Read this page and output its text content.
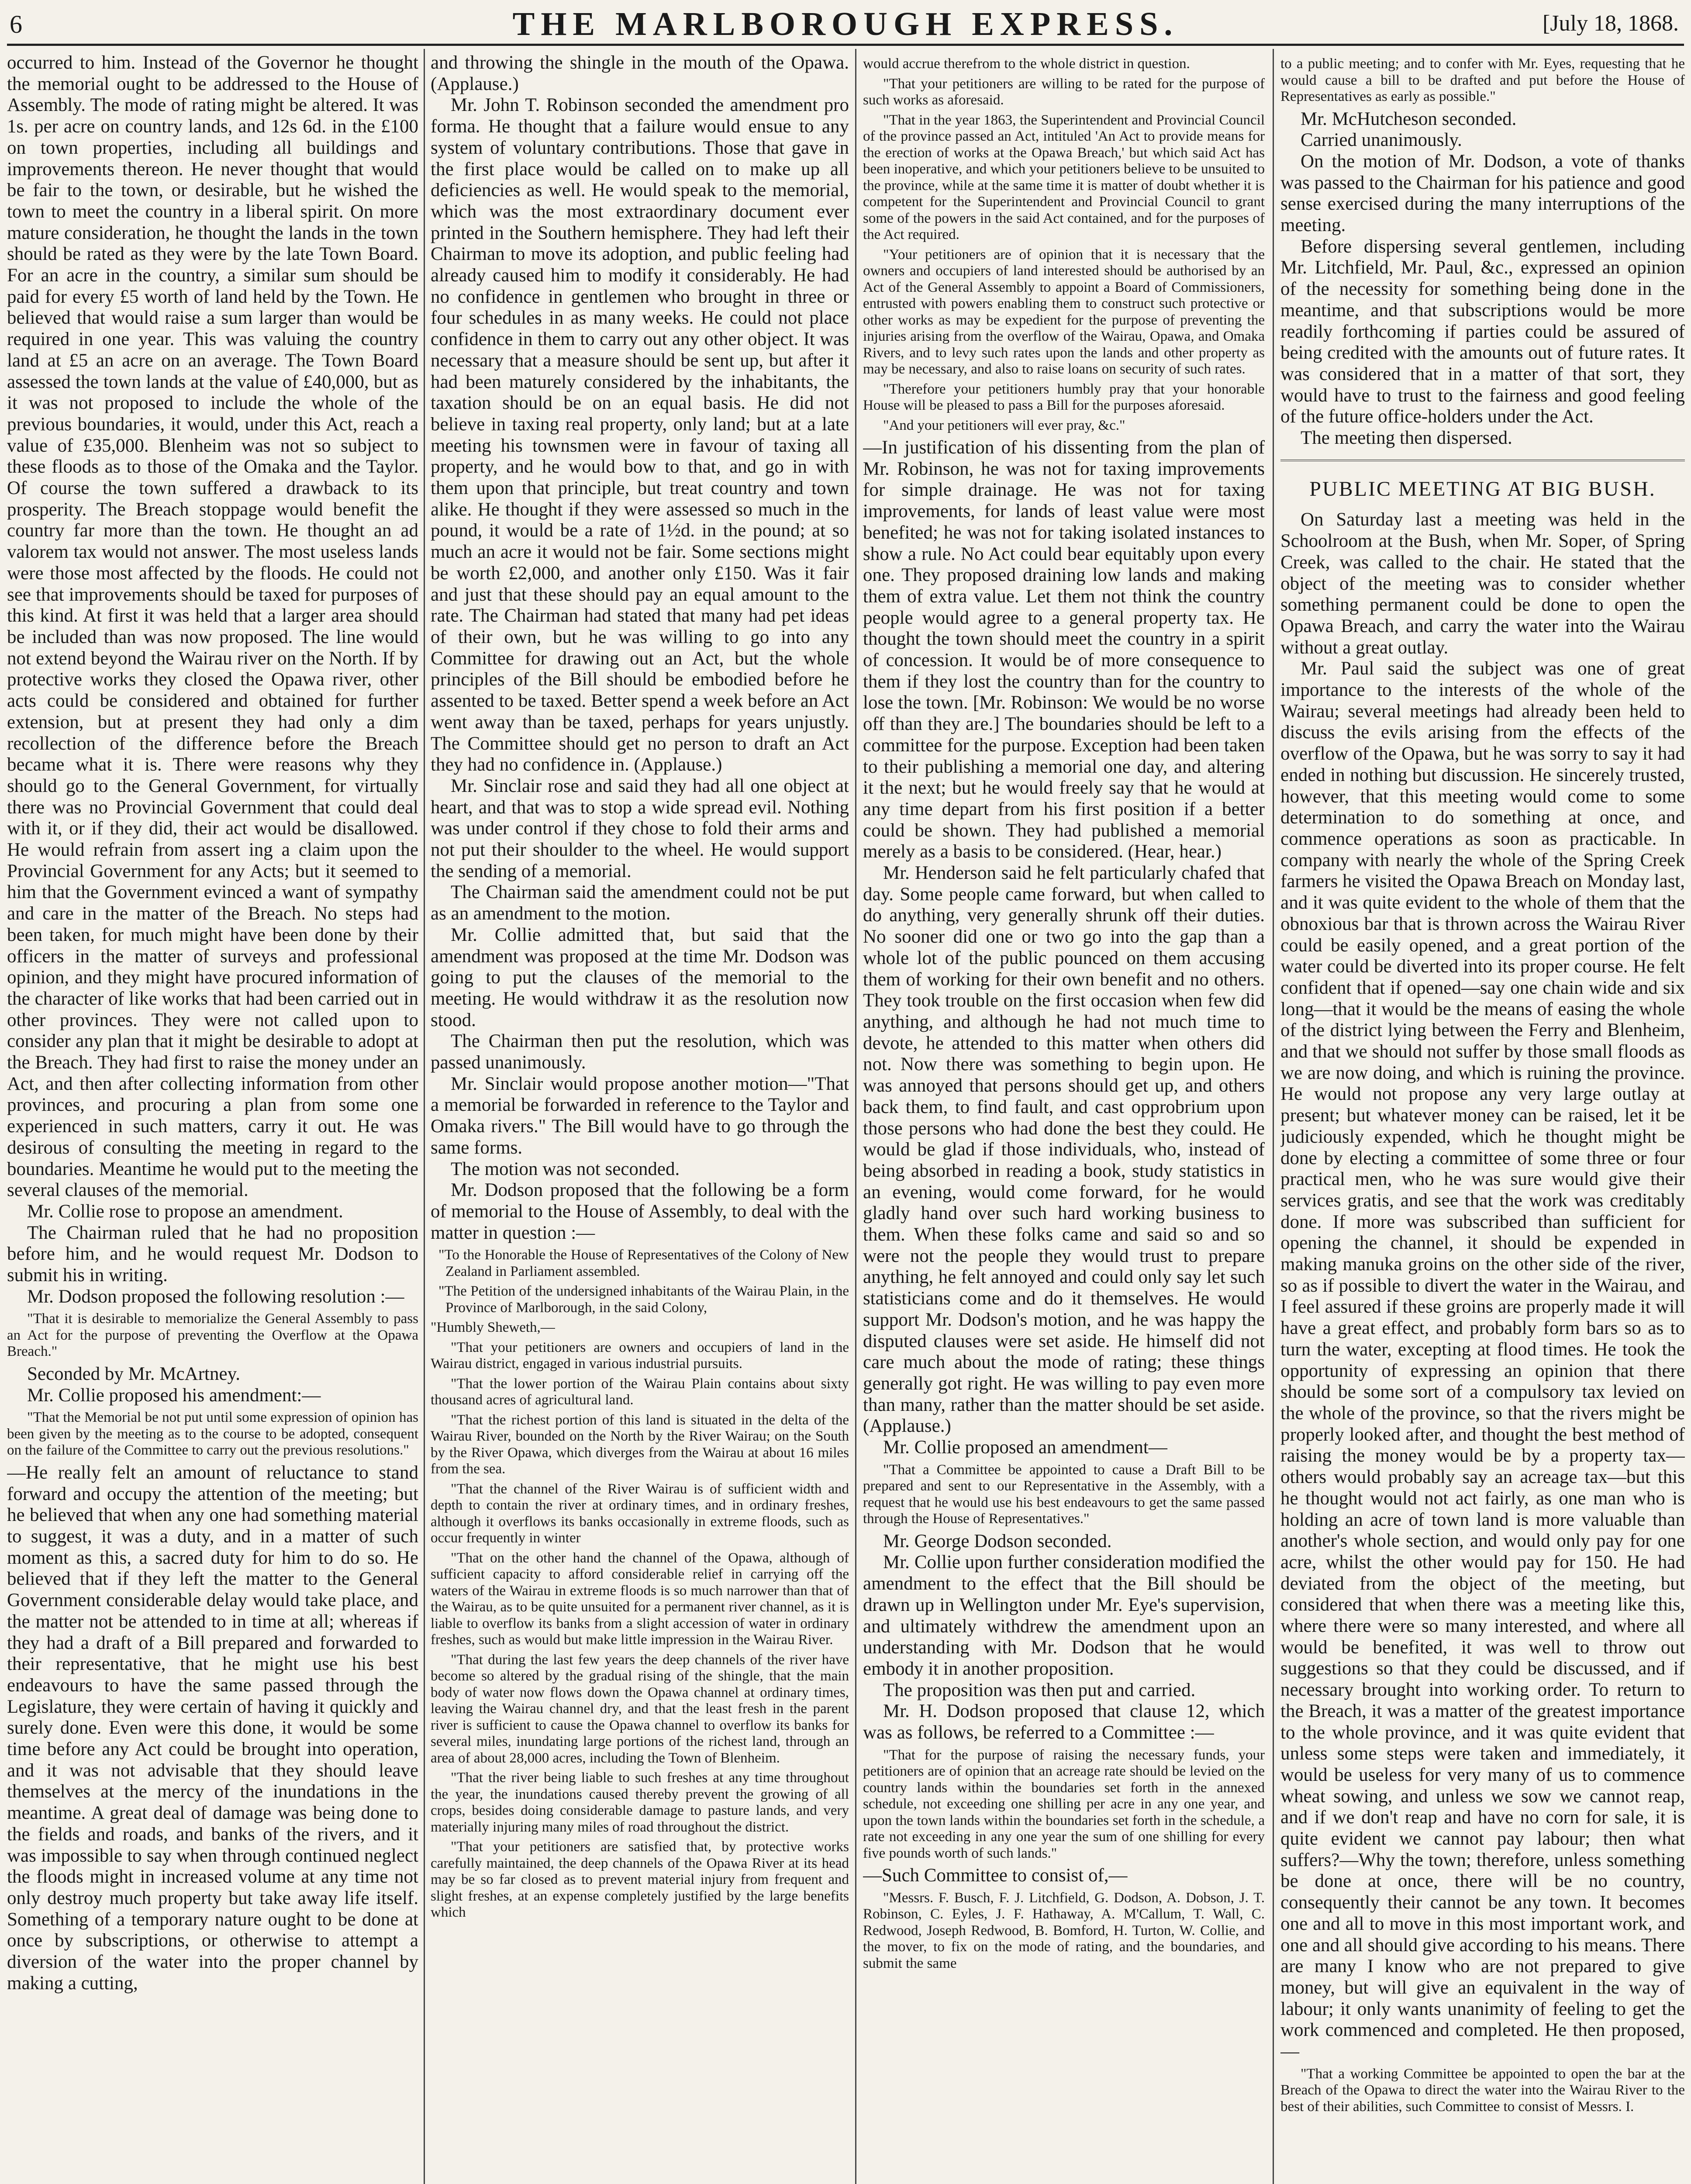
6	THE MARLBOROUGH EXPRESS.	[July 18, 1868.

occurred to him. Instead of the Governor he thought the memorial ought to be addressed to the House of Assembly. The mode of rating might be altered. It was 1s. per acre on country lands, and 12s 6d. in the £100 on town properties, including all buildings and improvements thereon. He never thought that would be fair to the town, or desirable, but he wished the town to meet the country in a liberal spirit. On more mature consideration, he thought the lands in the town should be rated as they were by the late Town Board. For an acre in the country, a similar sum should be paid for every £5 worth of land held by the Town. He believed that would raise a sum larger than would be required in one year. This was valuing the country land at £5 an acre on an average. The Town Board assessed the town lands at the value of £40,000, but as it was not proposed to include the whole of the previous boundaries, it would, under this Act, reach a value of £35,000. Blenheim was not so subject to these floods as to those of the Omaka and the Taylor. Of course the town suffered a drawback to its prosperity. The Breach stoppage would benefit the country far more than the town. He thought an ad valorem tax would not answer. The most useless lands were those most affected by the floods. He could not see that improvements should be taxed for purposes of this kind. At first it was held that a larger area should be included than was now proposed. The line would not extend beyond the Wairau river on the North. If by protective works they closed the Opawa river, other acts could be considered and obtained for further extension, but at present they had only a dim recollection of the difference before the Breach became what it is. There were reasons why they should go to the General Government, for virtually there was no Provincial Government that could deal with it, or if they did, their act would be disallowed. He would refrain from assert ing a claim upon the Provincial Government for any Acts; but it seemed to him that the Government evinced a want of sympathy and care in the matter of the Breach. No steps had been taken, for much might have been done by their officers in the matter of surveys and professional opinion, and they might have procured information of the character of like works that had been carried out in other provinces. They were not called upon to consider any plan that it might be desirable to adopt at the Breach. They had first to raise the money under an Act, and then after collecting information from other provinces, and procuring a plan from some one experienced in such matters, carry it out. He was desirous of consulting the meeting in regard to the boundaries. Meantime he would put to the meeting the several clauses of the memorial.

Mr. Collie rose to propose an amendment.

The Chairman ruled that he had no proposition before him, and he would request Mr. Dodson to submit his in writing.

Mr. Dodson proposed the following resolution :—

"That it is desirable to memorialize the General Assembly to pass an Act for the purpose of preventing the Overflow at the Opawa Breach."

Seconded by Mr. McArtney.

Mr. Collie proposed his amendment:—

"That the Memorial be not put until some expression of opinion has been given by the meeting as to the course to be adopted, consequent on the failure of the Committee to carry out the previous resolutions."

—He really felt an amount of reluctance to stand forward and occupy the attention of the meeting; but he believed that when any one had something material to suggest, it was a duty, and in a matter of such moment as this, a sacred duty for him to do so. He believed that if they left the matter to the General Government considerable delay would take place, and the matter not be attended to in time at all; whereas if they had a draft of a Bill prepared and forwarded to their representative, that he might use his best endeavours to have the same passed through the Legislature, they were certain of having it quickly and surely done. Even were this done, it would be some time before any Act could be brought into operation, and it was not advisable that they should leave themselves at the mercy of the inundations in the meantime. A great deal of damage was being done to the fields and roads, and banks of the rivers, and it was impossible to say when through continued neglect the floods might in increased volume at any time not only destroy much property but take away life itself. Something of a temporary nature ought to be done at once by subscriptions, or otherwise to attempt a diversion of the water into the proper channel by making a cutting,

and throwing the shingle in the mouth of the Opawa. (Applause.)

Mr. John T. Robinson seconded the amendment pro forma. He thought that a failure would ensue to any system of voluntary contributions. Those that gave in the first place would be called on to make up all deficiencies as well. He would speak to the memorial, which was the most extraordinary document ever printed in the Southern hemisphere. They had left their Chairman to move its adoption, and public feeling had already caused him to modify it considerably. He had no confidence in gentlemen who brought in three or four schedules in as many weeks. He could not place confidence in them to carry out any other object. It was necessary that a measure should be sent up, but after it had been maturely considered by the inhabitants, the taxation should be on an equal basis. He did not believe in taxing real property, only land; but at a late meeting his townsmen were in favour of taxing all property, and he would bow to that, and go in with them upon that principle, but treat country and town alike. He thought if they were assessed so much in the pound, it would be a rate of 1½d. in the pound; at so much an acre it would not be fair. Some sections might be worth £2,000, and another only £150. Was it fair and just that these should pay an equal amount to the rate. The Chairman had stated that many had pet ideas of their own, but he was willing to go into any Committee for drawing out an Act, but the whole principles of the Bill should be embodied before he assented to be taxed. Better spend a week before an Act went away than be taxed, perhaps for years unjustly. The Committee should get no person to draft an Act they had no confidence in. (Applause.)

Mr. Sinclair rose and said they had all one object at heart, and that was to stop a wide spread evil. Nothing was under control if they chose to fold their arms and not put their shoulder to the wheel. He would support the sending of a memorial.

The Chairman said the amendment could not be put as an amendment to the motion.

Mr. Collie admitted that, but said that the amendment was proposed at the time Mr. Dodson was going to put the clauses of the memorial to the meeting. He would withdraw it as the resolution now stood.

The Chairman then put the resolution, which was passed unanimously.

Mr. Sinclair would propose another motion—"That a memorial be forwarded in reference to the Taylor and Omaka rivers." The Bill would have to go through the same forms.

The motion was not seconded.

Mr. Dodson proposed that the following be a form of memorial to the House of Assembly, to deal with the matter in question :—

"To the Honorable the House of Representatives of the Colony of New Zealand in Parliament assembled.

"The Petition of the undersigned inhabitants of the Wairau Plain, in the Province of Marlborough, in the said Colony,

"Humbly Sheweth,—

"That your petitioners are owners and occupiers of land in the Wairau district, engaged in various industrial pursuits.

"That the lower portion of the Wairau Plain contains about sixty thousand acres of agricultural land.

"That the richest portion of this land is situated in the delta of the Wairau River, bounded on the North by the River Wairau; on the South by the River Opawa, which diverges from the Wairau at about 16 miles from the sea.

"That the channel of the River Wairau is of sufficient width and depth to contain the river at ordinary times, and in ordinary freshes, although it overflows its banks occasionally in extreme floods, such as occur frequently in winter

"That on the other hand the channel of the Opawa, although of sufficient capacity to afford considerable relief in carrying off the waters of the Wairau in extreme floods is so much narrower than that of the Wairau, as to be quite unsuited for a permanent river channel, as it is liable to overflow its banks from a slight accession of water in ordinary freshes, such as would but make little impression in the Wairau River.

"That during the last few years the deep channels of the river have become so altered by the gradual rising of the shingle, that the main body of water now flows down the Opawa channel at ordinary times, leaving the Wairau channel dry, and that the least fresh in the parent river is sufficient to cause the Opawa channel to overflow its banks for several miles, inundating large portions of the richest land, through an area of about 28,000 acres, including the Town of Blenheim.

"That the river being liable to such freshes at any time throughout the year, the inundations caused thereby prevent the growing of all crops, besides doing considerable damage to pasture lands, and very materially injuring many miles of road throughout the district.

"That your petitioners are satisfied that, by protective works carefully maintained, the deep channels of the Opawa River at its head may be so far closed as to prevent material injury from frequent and slight freshes, at an expense completely justified by the large benefits which

would accrue therefrom to the whole district in question.

"That your petitioners are willing to be rated for the purpose of such works as aforesaid.

"That in the year 1863, the Superintendent and Provincial Council of the province passed an Act, intituled 'An Act to provide means for the erection of works at the Opawa Breach,' but which said Act has been inoperative, and which your petitioners believe to be unsuited to the province, while at the same time it is matter of doubt whether it is competent for the Superintendent and Provincial Council to grant some of the powers in the said Act contained, and for the purposes of the Act required.

"Your petitioners are of opinion that it is necessary that the owners and occupiers of land interested should be authorised by an Act of the General Assembly to appoint a Board of Commissioners, entrusted with powers enabling them to construct such protective or other works as may be expedient for the purpose of preventing the injuries arising from the overflow of the Wairau, Opawa, and Omaka Rivers, and to levy such rates upon the lands and other property as may be necessary, and also to raise loans on security of such rates.

"Therefore your petitioners humbly pray that your honorable House will be pleased to pass a Bill for the purposes aforesaid.

"And your petitioners will ever pray, &c."

—In justification of his dissenting from the plan of Mr. Robinson, he was not for taxing improvements for simple drainage. He was not for taxing improvements, for lands of least value were most benefited; he was not for taking isolated instances to show a rule. No Act could bear equitably upon every one. They proposed draining low lands and making them of extra value. Let them not think the country people would agree to a general property tax. He thought the town should meet the country in a spirit of concession. It would be of more consequence to them if they lost the country than for the country to lose the town. [Mr. Robinson: We would be no worse off than they are.] The boundaries should be left to a committee for the purpose. Exception had been taken to their publishing a memorial one day, and altering it the next; but he would freely say that he would at any time depart from his first position if a better could be shown. They had published a memorial merely as a basis to be considered. (Hear, hear.)

Mr. Henderson said he felt particularly chafed that day. Some people came forward, but when called to do anything, very generally shrunk off their duties. No sooner did one or two go into the gap than a whole lot of the public pounced on them accusing them of working for their own benefit and no others. They took trouble on the first occasion when few did anything, and although he had not much time to devote, he attended to this matter when others did not. Now there was something to begin upon. He was annoyed that persons should get up, and others back them, to find fault, and cast opprobrium upon those persons who had done the best they could. He would be glad if those individuals, who, instead of being absorbed in reading a book, study statistics in an evening, would come forward, for he would gladly hand over such hard working business to them. When these folks came and said so and so were not the people they would trust to prepare anything, he felt annoyed and could only say let such statisticians come and do it themselves. He would support Mr. Dodson's motion, and he was happy the disputed clauses were set aside. He himself did not care much about the mode of rating; these things generally got right. He was willing to pay even more than many, rather than the matter should be set aside. (Applause.)

Mr. Collie proposed an amendment—

"That a Committee be appointed to cause a Draft Bill to be prepared and sent to our Representative in the Assembly, with a request that he would use his best endeavours to get the same passed through the House of Representatives."

Mr. George Dodson seconded.

Mr. Collie upon further consideration modified the amendment to the effect that the Bill should be drawn up in Wellington under Mr. Eye's supervision, and ultimately withdrew the amendment upon an understanding with Mr. Dodson that he would embody it in another proposition.

The proposition was then put and carried.

Mr. H. Dodson proposed that clause 12, which was as follows, be referred to a Committee :—

"That for the purpose of raising the necessary funds, your petitioners are of opinion that an acreage rate should be levied on the country lands within the boundaries set forth in the annexed schedule, not exceeding one shilling per acre in any one year, and upon the town lands within the boundaries set forth in the schedule, a rate not exceeding in any one year the sum of one shilling for every five pounds worth of such lands."

—Such Committee to consist of,—

"Messrs. F. Busch, F. J. Litchfield, G. Dodson, A. Dobson, J. T. Robinson, C. Eyles, J. F. Hathaway, A. M'Callum, T. Wall, C. Redwood, Joseph Redwood, B. Bomford, H. Turton, W. Collie, and the mover, to fix on the mode of rating, and the boundaries, and submit the same

to a public meeting; and to confer with Mr. Eyes, requesting that he would cause a bill to be drafted and put before the House of Representatives as early as possible."

Mr. McHutcheson seconded.

Carried unanimously.

On the motion of Mr. Dodson, a vote of thanks was passed to the Chairman for his patience and good sense exercised during the many interruptions of the meeting.

Before dispersing several gentlemen, including Mr. Litchfield, Mr. Paul, &c., expressed an opinion of the necessity for something being done in the meantime, and that subscriptions would be more readily forthcoming if parties could be assured of being credited with the amounts out of future rates. It was considered that in a matter of that sort, they would have to trust to the fairness and good feeling of the future office-holders under the Act.

The meeting then dispersed.

PUBLIC MEETING AT BIG BUSH.

On Saturday last a meeting was held in the Schoolroom at the Bush, when Mr. Soper, of Spring Creek, was called to the chair. He stated that the object of the meeting was to consider whether something permanent could be done to open the Opawa Breach, and carry the water into the Wairau without a great outlay.

Mr. Paul said the subject was one of great importance to the interests of the whole of the Wairau; several meetings had already been held to discuss the evils arising from the effects of the overflow of the Opawa, but he was sorry to say it had ended in nothing but discussion. He sincerely trusted, however, that this meeting would come to some determination to do something at once, and commence operations as soon as practicable. In company with nearly the whole of the Spring Creek farmers he visited the Opawa Breach on Monday last, and it was quite evident to the whole of them that the obnoxious bar that is thrown across the Wairau River could be easily opened, and a great portion of the water could be diverted into its proper course. He felt confident that if opened—say one chain wide and six long—that it would be the means of easing the whole of the district lying between the Ferry and Blenheim, and that we should not suffer by those small floods as we are now doing, and which is ruining the province. He would not propose any very large outlay at present; but whatever money can be raised, let it be judiciously expended, which he thought might be done by electing a committee of some three or four practical men, who he was sure would give their services gratis, and see that the work was creditably done. If more was subscribed than sufficient for opening the channel, it should be expended in making manuka groins on the other side of the river, so as if possible to divert the water in the Wairau, and I feel assured if these groins are properly made it will have a great effect, and probably form bars so as to turn the water, excepting at flood times. He took the opportunity of expressing an opinion that there should be some sort of a compulsory tax levied on the whole of the province, so that the rivers might be properly looked after, and thought the best method of raising the money would be by a property tax—others would probably say an acreage tax—but this he thought would not act fairly, as one man who is holding an acre of town land is more valuable than another's whole section, and would only pay for one acre, whilst the other would pay for 150. He had deviated from the object of the meeting, but considered that when there was a meeting like this, where there were so many interested, and where all would be benefited, it was well to throw out suggestions so that they could be discussed, and if necessary brought into working order. To return to the Breach, it was a matter of the greatest importance to the whole province, and it was quite evident that unless some steps were taken and immediately, it would be useless for very many of us to commence wheat sowing, and unless we sow we cannot reap, and if we don't reap and have no corn for sale, it is quite evident we cannot pay labour; then what suffers?—Why the town; therefore, unless something be done at once, there will be no country, consequently their cannot be any town. It becomes one and all to move in this most important work, and one and all should give according to his means. There are many I know who are not prepared to give money, but will give an equivalent in the way of labour; it only wants unanimity of feeling to get the work commenced and completed. He then proposed,—

"That a working Committee be appointed to open the bar at the Breach of the Opawa to direct the water into the Wairau River to the best of their abilities, such Committee to consist of Messrs. I.
